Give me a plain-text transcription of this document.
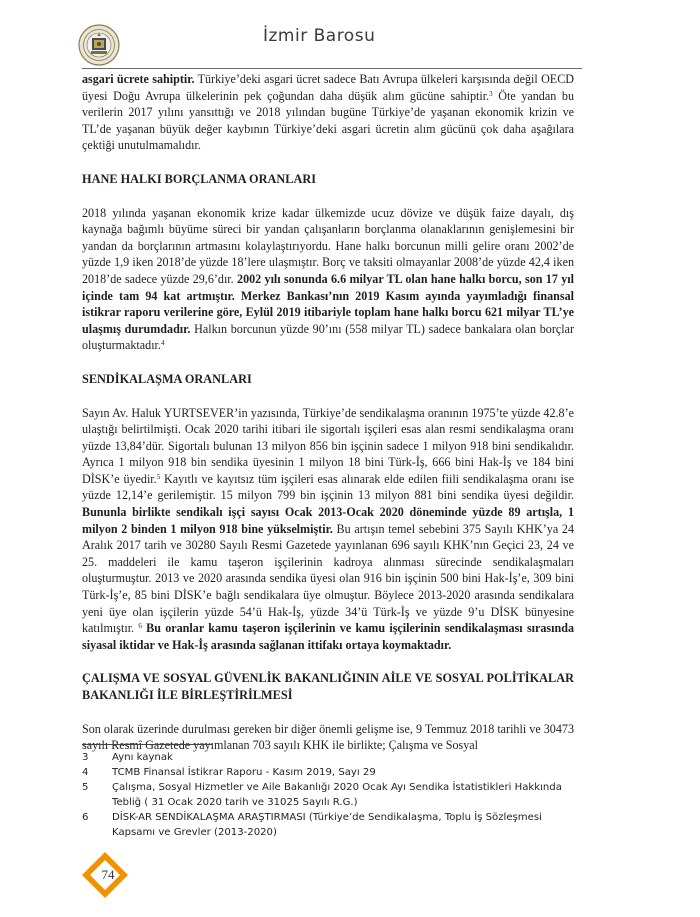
İzmir Barosu

asgari ücrete sahiptir. Türkiye’deki asgari ücret sadece Batı Avrupa ülkeleri karşısında değil OECD üyesi Doğu Avrupa ülkelerinin pek çoğundan daha düşük alım gücüne sahiptir.$^3$ Öte yandan bu verilerin 2017 yılını yansıttığı ve 2018 yılından bugüne Türkiye’de yaşanan ekonomik krizin ve TL’de yaşanan büyük değer kaybının Türkiye’deki asgari ücretin alım gücünü çok daha aşağılara çektiği unutulmamalıdır.

HANE HALKI BORÇLANMA ORANLARI

2018 yılında yaşanan ekonomik krize kadar ülkemizde ucuz dövize ve düşük faize dayalı, dış kaynağa bağımlı büyüme süreci bir yandan çalışanların borçlanma olanaklarının genişlemesini bir yandan da borçlarının artmasını kolaylaştırıyordu. Hane halkı borcunun milli gelire oranı 2002’de yüzde 1,9 iken 2018’de yüzde 18’lere ulaşmıştır. Borç ve taksiti olmayanlar 2008’de yüzde 42,4 iken 2018’de sadece yüzde 29,6’dır. 2002 yılı sonunda 6.6 milyar TL olan hane halkı borcu, son 17 yıl içinde tam 94 kat artmıştır. Merkez Bankası’nın 2019 Kasım ayında yayımladığı finansal istikrar raporu verilerine göre, Eylül 2019 itibariyle toplam hane halkı borcu 621 milyar TL’ye ulaşmış durumdadır. Halkın borcunun yüzde 90’ını (558 milyar TL) sadece bankalara olan borçlar oluşturmaktadır.$^4$

SENDİKALAŞMA ORANLARI

Sayın Av. Haluk YURTSEVER’in yazısında, Türkiye’de sendikalaşma oranının 1975’te yüzde 42.8’e ulaştığı belirtilmişti. Ocak 2020 tarihi itibari ile sigortalı işçileri esas alan resmi sendikalaşma oranı yüzde 13,84’dür. Sigortalı bulunan 13 milyon 856 bin işçinin sadece 1 milyon 918 bini sendikalıdır. Ayrıca 1 milyon 918 bin sendika üyesinin 1 milyon 18 bini Türk-İş, 666 bini Hak-İş ve 184 bini DİSK’e üyedir.$^5$ Kayıtlı ve kayıtsız tüm işçileri esas alınarak elde edilen fiili sendikalaşma oranı ise yüzde 12,14’e gerilemiştir. 15 milyon 799 bin işçinin 13 milyon 881 bini sendika üyesi değildir. Bununla birlikte sendikalı işçi sayısı Ocak 2013-Ocak 2020 döneminde yüzde 89 artışla, 1 milyon 2 binden 1 milyon 918 bine yükselmiştir. Bu artışın temel sebebini 375 Sayılı KHK’ya 24 Aralık 2017 tarih ve 30280 Sayılı Resmi Gazetede yayınlanan 696 sayılı KHK’nın Geçici 23, 24 ve 25. maddeleri ile kamu taşeron işçilerinin kadroya alınması sürecinde sendikalaşmaları oluşturmuştur. 2013 ve 2020 arasında sendika üyesi olan 916 bin işçinin 500 bini Hak-İş’e, 309 bini Türk-İş’e, 85 bini DİSK’e bağlı sendikalara üye olmuştur. Böylece 2013-2020 arasında sendikalara yeni üye olan işçilerin yüzde 54’ü Hak-İş, yüzde 34’ü Türk-İş ve yüzde 9’u DİSK bünyesine katılmıştır. $^6$ Bu oranlar kamu taşeron işçilerinin ve kamu işçilerinin sendikalaşması sırasında siyasal iktidar ve Hak-İş arasında sağlanan ittifakı ortaya koymaktadır.

ÇALIŞMA VE SOSYAL GÜVENLİK BAKANLIĞININ AİLE VE SOSYAL POLİTİKALAR BAKANLIĞI İLE BİRLEŞTİRİLMESİ

Son olarak üzerinde durulması gereken bir diğer önemli gelişme ise, 9 Temmuz 2018 tarihli ve 30473 sayılı Resmî Gazetede yayımlanan 703 sayılı KHK ile birlikte; Çalışma ve Sosyal

3	Aynı kaynak
4	TCMB Finansal İstikrar Raporu - Kasım 2019, Sayı 29
5	Çalışma, Sosyal Hizmetler ve Aile Bakanlığı 2020 Ocak Ayı Sendika İstatistikleri Hakkında Tebliğ ( 31 Ocak 2020 tarih ve 31025 Sayılı R.G.)
6	DİSK-AR SENDİKALAŞMA ARAŞTIRMASI (Türkiye’de Sendikalaşma, Toplu İş Sözleşmesi Kapsamı ve Grevler (2013-2020)
74
